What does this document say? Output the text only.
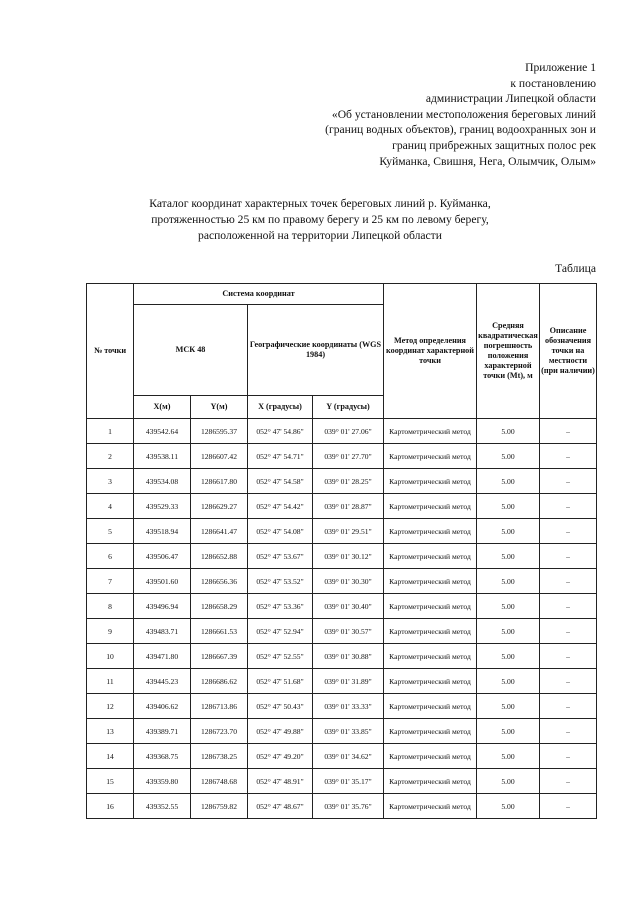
Приложение 1
к постановлению
администрации Липецкой области
«Об установлении местоположения береговых линий
(границ водных объектов), границ водоохранных зон и
границ прибрежных защитных полос рек
Куйманка, Свишня, Нега, Олымчик, Олым»
Каталог координат характерных точек береговых линий р. Куйманка,
протяженностью 25 км по правому берегу и 25 км по левому берегу,
расположенной на территории Липецкой области
Таблица
№ точки	Система координат				Метод определения координат характерной точки	Средняя квадратическая погрешность положения характерной точки (Mt), м	Описание обозначения точки на местности (при наличии)
	МСК 48		Географические координаты (WGS 1984)				
	X(м)	Y(м)	X (градусы)	Y (градусы)			
1	439542.64	1286595.37	052° 47' 54.86"	039° 01' 27.06"	Картометрический метод	5.00	–
2	439538.11	1286607.42	052° 47' 54.71"	039° 01' 27.70"	Картометрический метод	5.00	–
3	439534.08	1286617.80	052° 47' 54.58"	039° 01' 28.25"	Картометрический метод	5.00	–
4	439529.33	1286629.27	052° 47' 54.42"	039° 01' 28.87"	Картометрический метод	5.00	–
5	439518.94	1286641.47	052° 47' 54.08"	039° 01' 29.51"	Картометрический метод	5.00	–
6	439506.47	1286652.88	052° 47' 53.67"	039° 01' 30.12"	Картометрический метод	5.00	–
7	439501.60	1286656.36	052° 47' 53.52"	039° 01' 30.30"	Картометрический метод	5.00	–
8	439496.94	1286658.29	052° 47' 53.36"	039° 01' 30.40"	Картометрический метод	5.00	–
9	439483.71	1286661.53	052° 47' 52.94"	039° 01' 30.57"	Картометрический метод	5.00	–
10	439471.80	1286667.39	052° 47' 52.55"	039° 01' 30.88"	Картометрический метод	5.00	–
11	439445.23	1286686.62	052° 47' 51.68"	039° 01' 31.89"	Картометрический метод	5.00	–
12	439406.62	1286713.86	052° 47' 50.43"	039° 01' 33.33"	Картометрический метод	5.00	–
13	439389.71	1286723.70	052° 47' 49.88"	039° 01' 33.85"	Картометрический метод	5.00	–
14	439368.75	1286738.25	052° 47' 49.20"	039° 01' 34.62"	Картометрический метод	5.00	–
15	439359.80	1286748.68	052° 47' 48.91"	039° 01' 35.17"	Картометрический метод	5.00	–
16	439352.55	1286759.82	052° 47' 48.67"	039° 01' 35.76"	Картометрический метод	5.00	–
